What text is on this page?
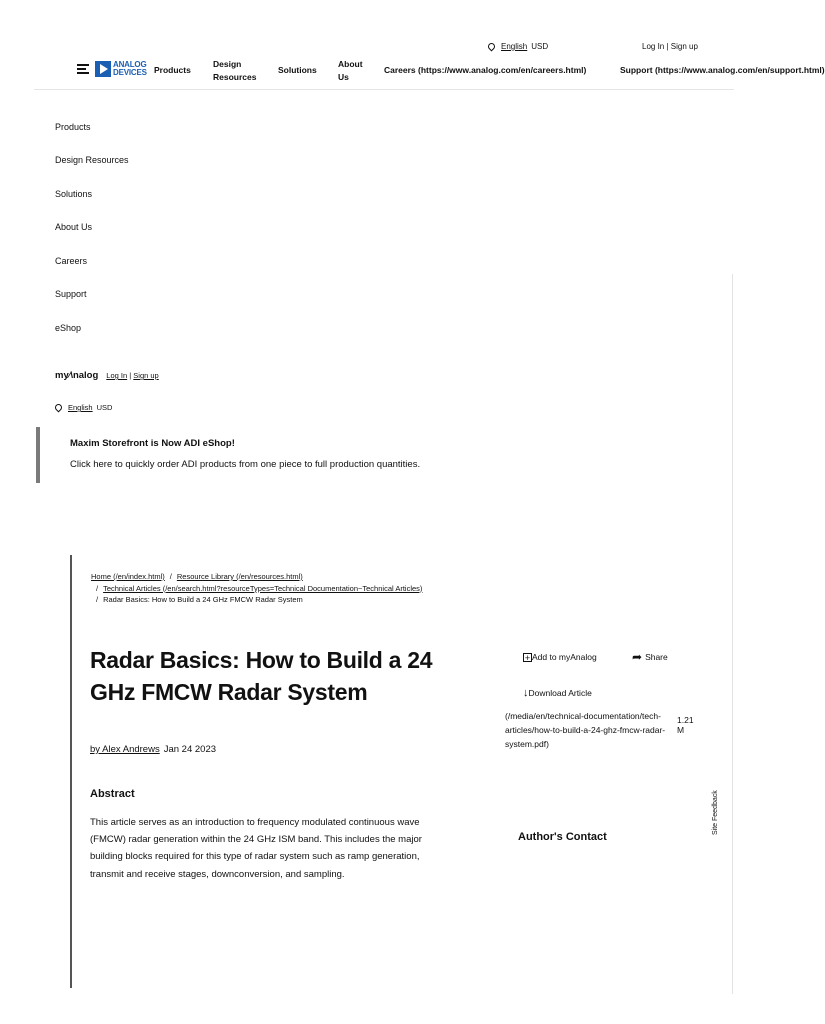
English USD	Log In | Sign up
ANALOG
DEVICES Products
Design Resources
Solutions
About Us
Careers (https://www.analog.com/en/careers.html)	Support (https://www.analog.com/en/support.html)
Products
Design Resources
Solutions
About Us
Careers
Support
eShop
my⁄\nalog Log In | Sign up
English USD
Maxim Storefront is Now ADI eShop!
Click here to quickly order ADI products from one piece to full production quantities.
Home (/en/index.html) / Resource Library (/en/resources.html)
/ Technical Articles (/en/search.html?resourceTypes=Technical Documentation~Technical Articles)
/ Radar Basics: How to Build a 24 GHz FMCW Radar System
Radar Basics: How to Build a 24 GHz FMCW Radar System
by Alex Andrews Jan 24 2023
Abstract
This article serves as an introduction to frequency modulated continuous wave (FMCW) radar generation within the 24 GHz ISM band. This includes the major building blocks required for this type of radar system such as ramp generation, transmit and receive stages, downconversion, and sampling.
+ Add to myAnalog	➦ Share
↓ Download Article
(/media/en/technical-documentation/tech-articles/how-to-build-a-24-ghz-fmcw-radar-system.pdf)
1.21 M
Author's Contact
Site Feedback
